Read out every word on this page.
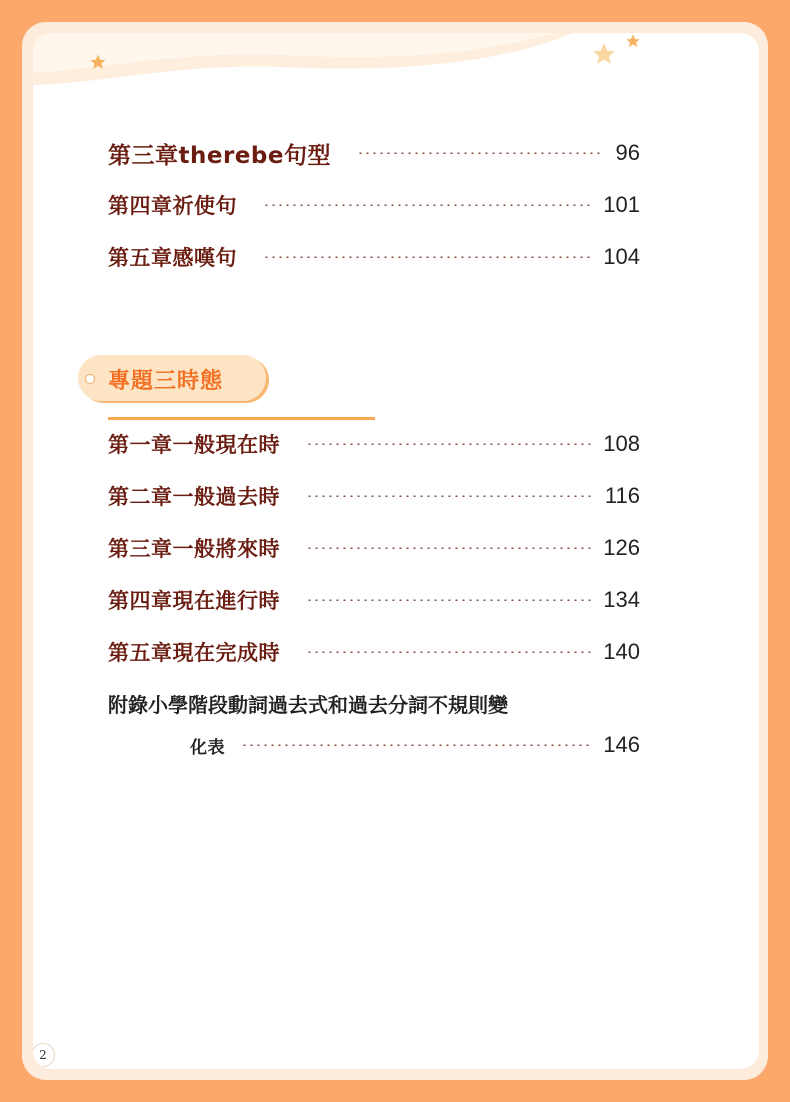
第三章therebe句型	96
第四章祈使句	101
第五章感嘆句	104
專題三時態
第一章一般現在時	108
第二章一般過去時	116
第三章一般將來時	126
第四章現在進行時	134
第五章現在完成時	140
附錄小學階段動詞過去式和過去分詞不規則變
化表	146
2
